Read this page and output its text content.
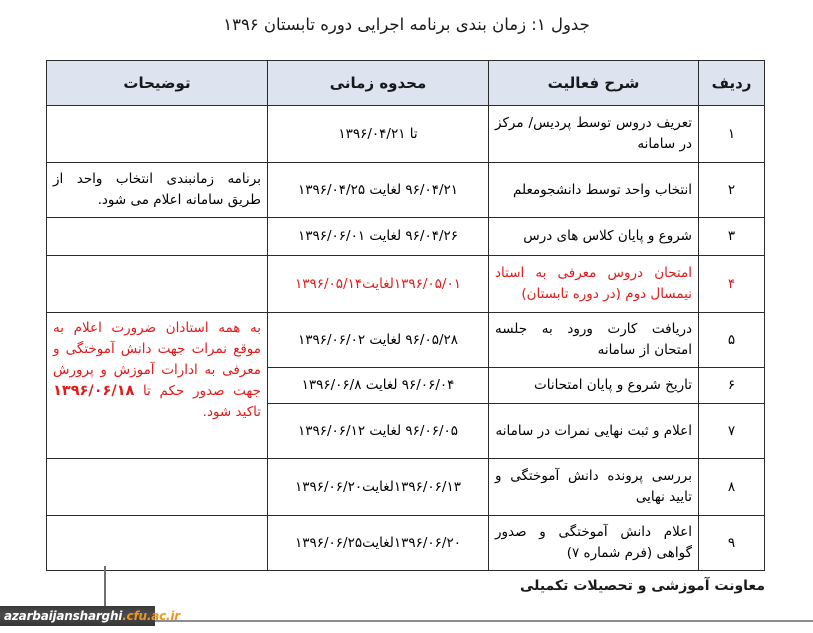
جدول ۱: زمان بندی برنامه اجرایی دوره تابستان ۱۳۹۶
ردیف	شرح فعالیت	محدوه زمانی	توضیحات
۱	تعریف دروس توسط پردیس/ مرکز در سامانه	تا ۱۳۹۶/۰۴/۲۱	
۲	انتخاب واحد توسط دانشجومعلم	۹۶/۰۴/۲۱ لغایت ۱۳۹۶/۰۴/۲۵	برنامه زمانبندی انتخاب واحد از طریق سامانه اعلام می شود.
۳	شروع و پایان کلاس های درس	۹۶/۰۴/۲۶ لغایت ۱۳۹۶/۰۶/۰۱	
۴	امتحان دروس معرفی به استاد نیمسال دوم (در دوره تابستان)	۱۳۹۶/۰۵/۰۱لغایت۱۳۹۶/۰۵/۱۴	
۵	دریافت کارت ورود به جلسه امتحان از سامانه	۹۶/۰۵/۲۸ لغایت ۱۳۹۶/۰۶/۰۲	به همه استادان ضرورت اعلام به موقع نمرات جهت دانش آموختگی و معرفی به ادارات آموزش و پرورش جهت صدور حکم تا ۱۳۹۶/۰۶/۱۸ تاکید شود.
۶	تاریخ شروع و پایان امتحانات	۹۶/۰۶/۰۴ لغایت ۱۳۹۶/۰۶/۸	
۷	اعلام و ثبت نهایی نمرات در سامانه	۹۶/۰۶/۰۵ لغایت ۱۳۹۶/۰۶/۱۲	
۸	بررسی پرونده دانش آموختگی و تایید نهایی	۱۳۹۶/۰۶/۱۳لغایت۱۳۹۶/۰۶/۲۰	
۹	اعلام دانش آموختگی و صدور گواهی (فرم شماره ۷)	۱۳۹۶/۰۶/۲۰لغایت۱۳۹۶/۰۶/۲۵	
معاونت آموزشی و تحصیلات تکمیلی
azarbaijansharghi .cfu.ac.ir
